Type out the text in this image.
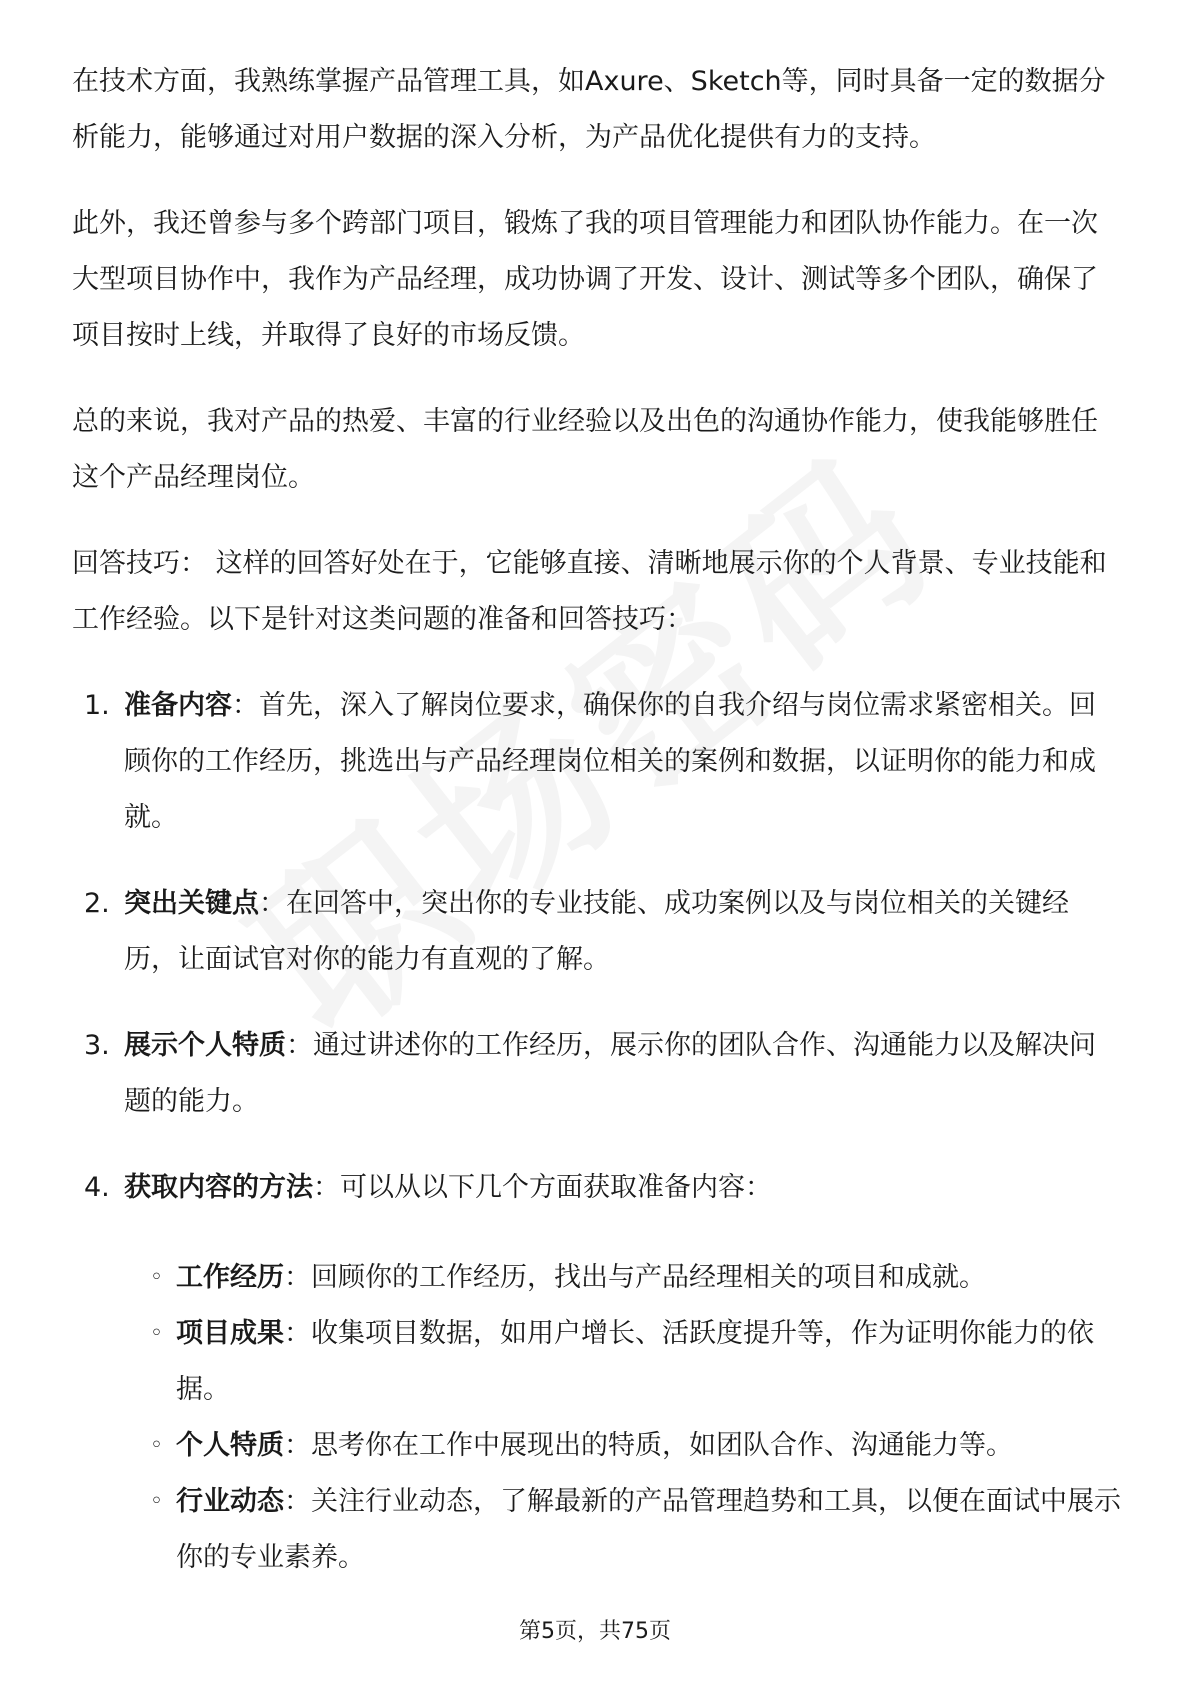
在技术方面，我熟练掌握产品管理工具，如Axure、Sketch等，同时具备一定的数据分析能力，能够通过对用户数据的深入分析，为产品优化提供有力的支持。

此外，我还曾参与多个跨部门项目，锻炼了我的项目管理能力和团队协作能力。在一次大型项目协作中，我作为产品经理，成功协调了开发、设计、测试等多个团队，确保了项目按时上线，并取得了良好的市场反馈。

总的来说，我对产品的热爱、丰富的行业经验以及出色的沟通协作能力，使我能够胜任这个产品经理岗位。

回答技巧： 这样的回答好处在于，它能够直接、清晰地展示你的个人背景、专业技能和工作经验。以下是针对这类问题的准备和回答技巧：

1. 准备内容：首先，深入了解岗位要求，确保你的自我介绍与岗位需求紧密相关。回顾你的工作经历，挑选出与产品经理岗位相关的案例和数据，以证明你的能力和成就。
2. 突出关键点：在回答中，突出你的专业技能、成功案例以及与岗位相关的关键经历，让面试官对你的能力有直观的了解。
3. 展示个人特质：通过讲述你的工作经历，展示你的团队合作、沟通能力以及解决问题的能力。
4. 获取内容的方法：可以从以下几个方面获取准备内容：
◦ 工作经历：回顾你的工作经历，找出与产品经理相关的项目和成就。
◦ 项目成果：收集项目数据，如用户增长、活跃度提升等，作为证明你能力的依据。
◦ 个人特质：思考你在工作中展现出的特质，如团队合作、沟通能力等。
◦ 行业动态：关注行业动态，了解最新的产品管理趋势和工具，以便在面试中展示你的专业素养。
第5页，共75页
